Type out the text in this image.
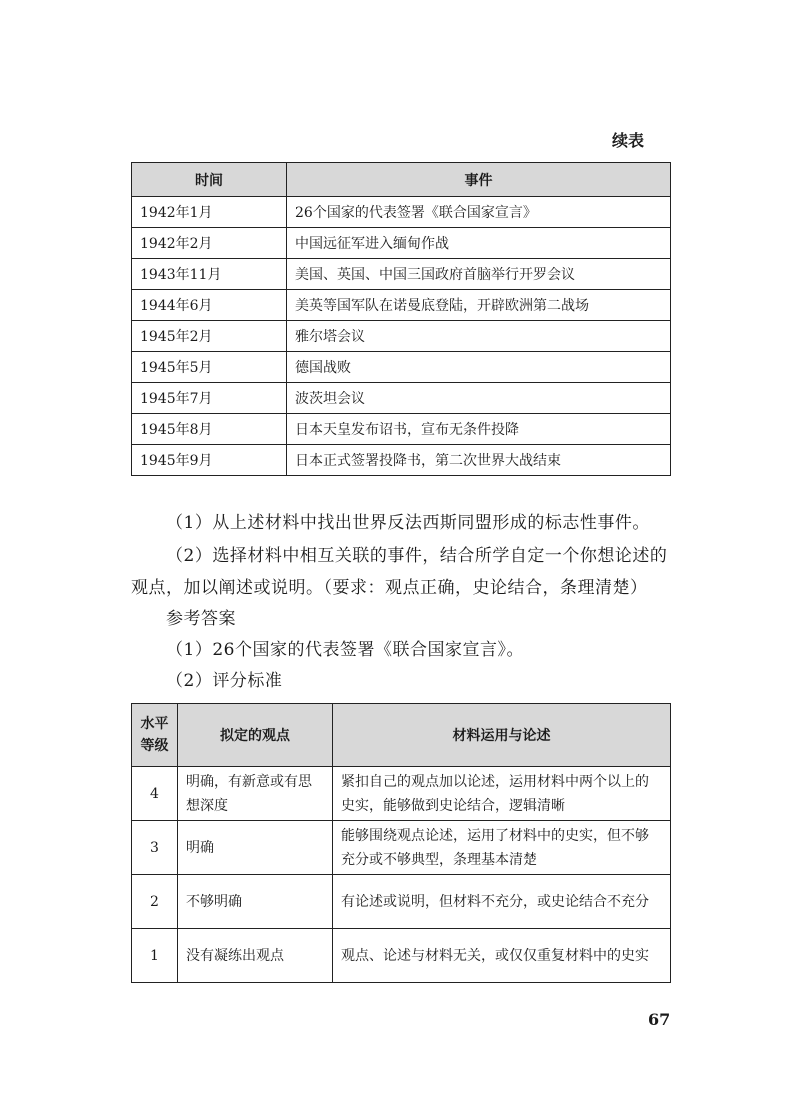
续表
时间	事件
1942年1月	26个国家的代表签署《联合国家宣言》
1942年2月	中国远征军进入缅甸作战
1943年11月	美国、英国、中国三国政府首脑举行开罗会议
1944年6月	美英等国军队在诺曼底登陆，开辟欧洲第二战场
1945年2月	雅尔塔会议
1945年5月	德国战败
1945年7月	波茨坦会议
1945年8月	日本天皇发布诏书，宣布无条件投降
1945年9月	日本正式签署投降书，第二次世界大战结束
（1）从上述材料中找出世界反法西斯同盟形成的标志性事件。
（2）选择材料中相互关联的事件，结合所学自定一个你想论述的
观点，加以阐述或说明。（要求：观点正确，史论结合，条理清楚）
参考答案
（1）26个国家的代表签署《联合国家宣言》。
（2）评分标准
水平
等级	拟定的观点	材料运用与论述
4	明确，有新意或有思想深度	紧扣自己的观点加以论述，运用材料中两个以上的史实，能够做到史论结合，逻辑清晰
3	明确	能够围绕观点论述，运用了材料中的史实，但不够充分或不够典型，条理基本清楚
2	不够明确	有论述或说明，但材料不充分，或史论结合不充分
1	没有凝练出观点	观点、论述与材料无关，或仅仅重复材料中的史实
67
